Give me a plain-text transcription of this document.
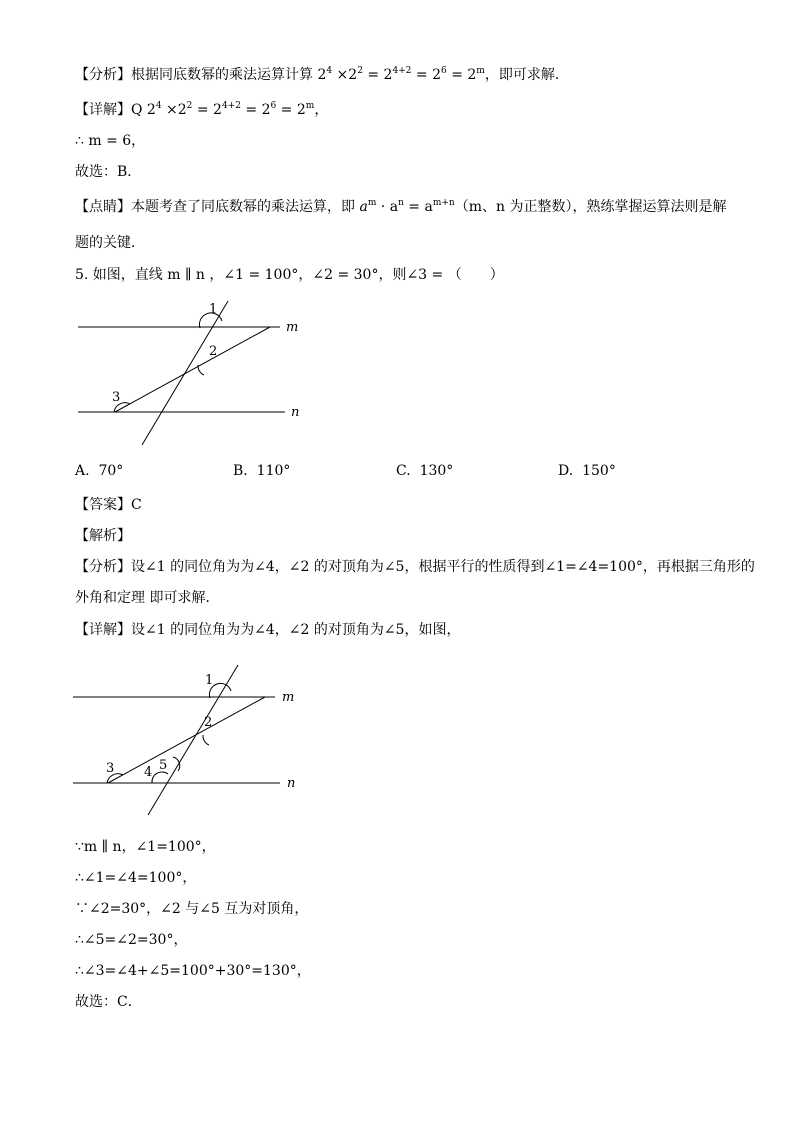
【分析】根据同底数幂的乘法运算计算 $2^4 \times 2^2 = 2^{4+2} = 2^6 = 2^m$，即可求解．
【详解】Q $2^4 \times 2^2 = 2^{4+2} = 2^6 = 2^m$，
∴ m = 6，
故选：B．
【点睛】本题考查了同底数幂的乘法运算，即 $a^m \cdot a^n = a^{m+n}(m$、n 为正整数），熟练掌握运算法则是解
题的关键．
5. 如图，直线 m ∥ n ，∠1 = 100°，∠2 = 30°，则∠3 = （　　）
1
2
3
m
n
A. 70°	B. 110°	C. 130°	D. 150°
【答案】C
【解析】
【分析】设∠1 的同位角为为∠4，∠2 的对顶角为∠5，根据平行的性质得到∠1=∠4=100°，再根据三角形的
外角和定理 即可求解．
【详解】设∠1 的同位角为为∠4，∠2 的对顶角为∠5，如图，
1
2
3 4 5
m
n
∵m ∥ n，∠1=100°，
∴∠1=∠4=100°，
∵∠2=30°，∠2 与∠5 互为对顶角，
∴∠5=∠2=30°，
∴∠3=∠4+∠5=100°+30°=130°，
故选：C．
